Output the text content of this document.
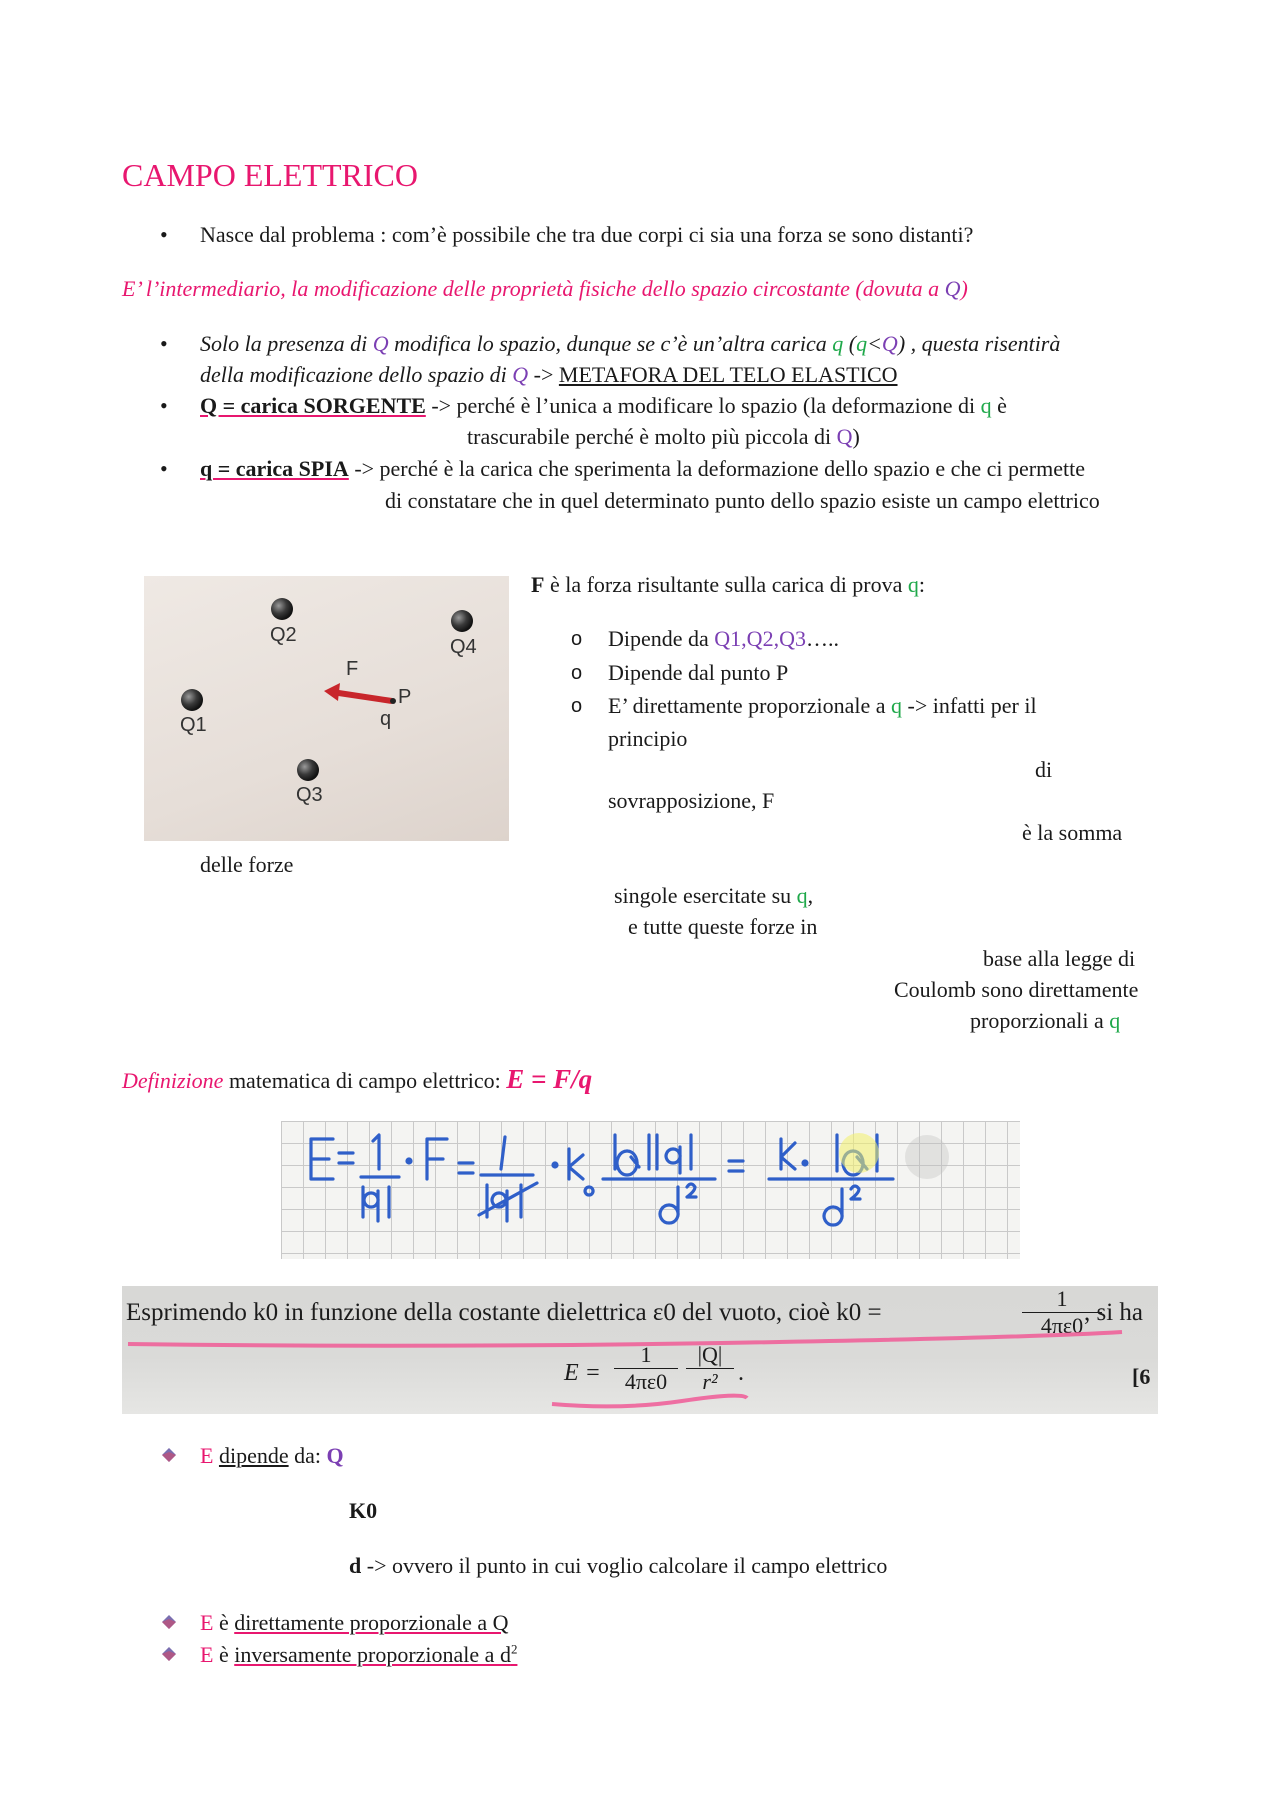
CAMPO ELETTRICO
• Nasce dal problema : com’è possibile che tra due corpi ci sia una forza se sono distanti?
E’ l’intermediario, la modificazione delle proprietà fisiche dello spazio circostante (dovuta a Q)
• Solo la presenza di Q modifica lo spazio, dunque se c’è un’altra carica q (q<Q) , questa risentirà
della modificazione dello spazio di Q -> METAFORA DEL TELO ELASTICO
• Q = carica SORGENTE -> perché è l’unica a modificare lo spazio (la deformazione di q è
trascurabile perché è molto più piccola di Q)
• q = carica SPIA -> perché è la carica che sperimenta la deformazione dello spazio e che ci permette
di constatare che in quel determinato punto dello spazio esiste un campo elettrico
Q2
Q4
Q1
Q3
F
P
q
F è la forza risultante sulla carica di prova q:
o Dipende da Q1,Q2,Q3…..
o Dipende dal punto P
o E’ direttamente proporzionale a q -> infatti per il
principio
di
sovrapposizione, F
è la somma
delle forze
singole esercitate su q,
e tutte queste forze in
base alla legge di
Coulomb sono direttamente
proporzionali a q
Definizione matematica di campo elettrico: E = F/q
Esprimendo k0 in funzione della costante dielettrica ε0 del vuoto, cioè k0 =	$\frac{1}{4\pi\varepsilon 0}$
, si ha
E =
1
4πε0
|Q|
r² .	[6
E dipende da: Q
K0
d -> ovvero il punto in cui voglio calcolare il campo elettrico
E è direttamente proporzionale a Q
E è inversamente proporzionale a $d^2$
